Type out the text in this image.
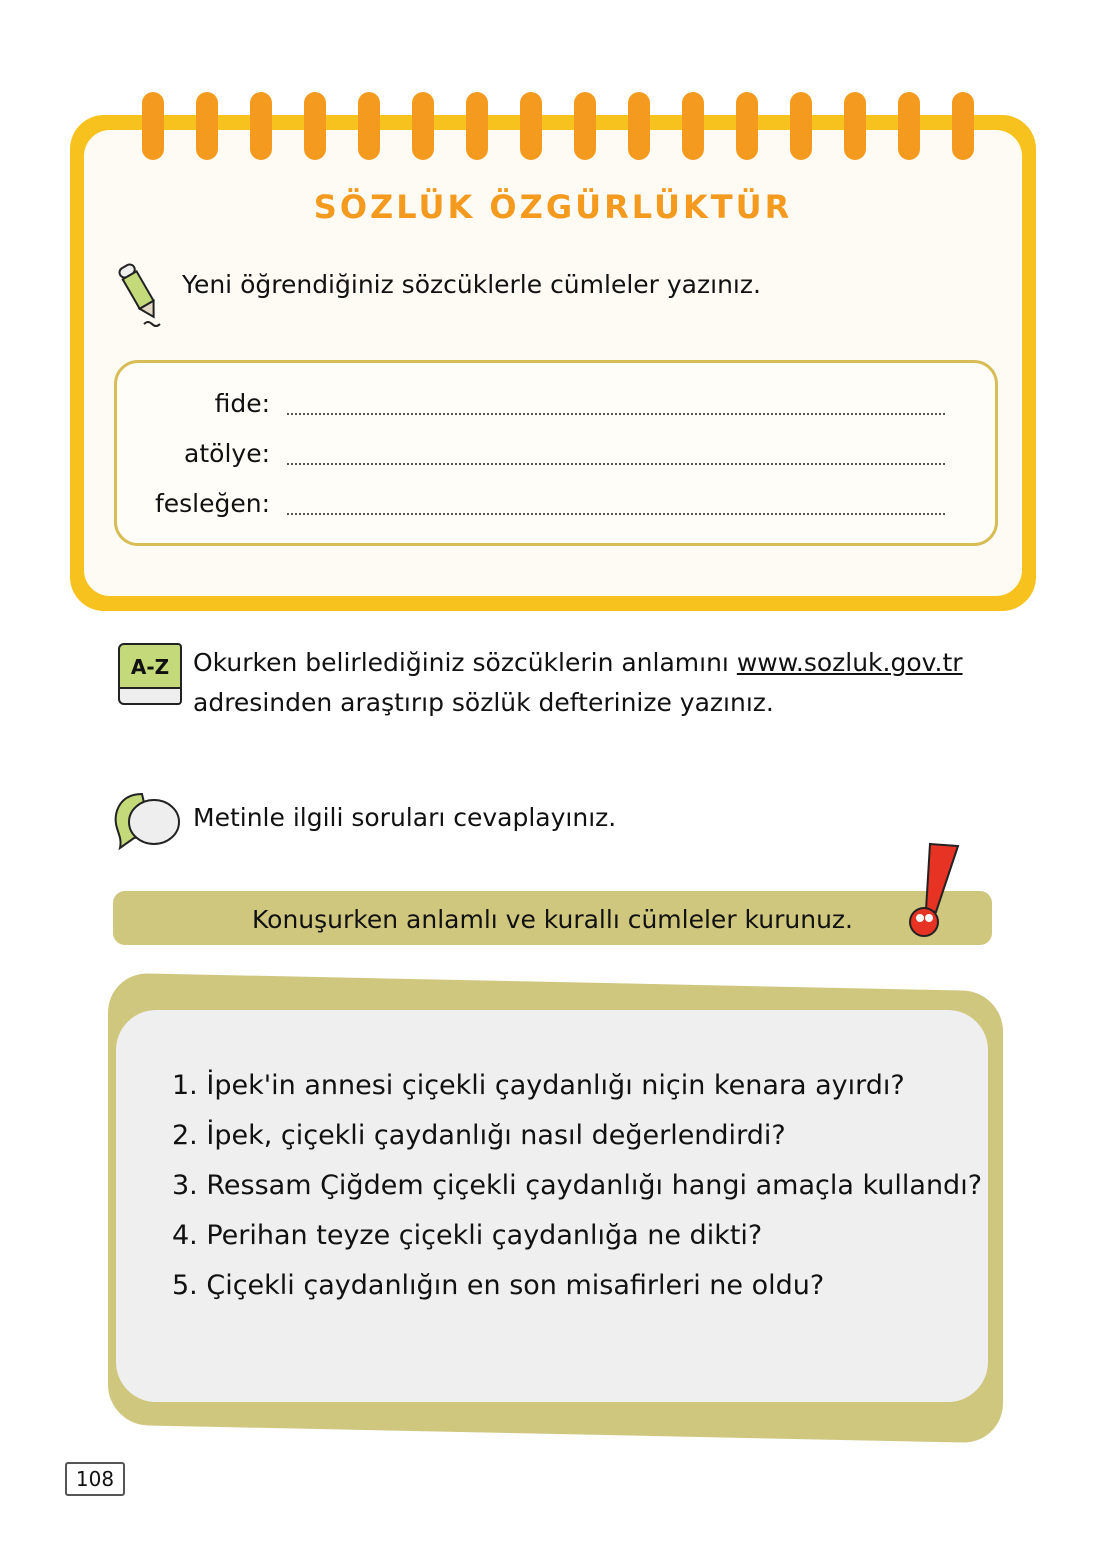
SÖZLÜK ÖZGÜRLÜKTÜR
Yeni öğrendiğiniz sözcüklerle cümleler yazınız.
fide:
atölye:
fesleğen:
A-Z Okurken belirlediğiniz sözcüklerin anlamını www.sozluk.gov.tr
adresinden araştırıp sözlük defterinize yazınız.
Metinle ilgili soruları cevaplayınız.
Konuşurken anlamlı ve kurallı cümleler kurunuz.
1. İpek'in annesi çiçekli çaydanlığı niçin kenara ayırdı?
2. İpek, çiçekli çaydanlığı nasıl değerlendirdi?
3. Ressam Çiğdem çiçekli çaydanlığı hangi amaçla kullandı?
4. Perihan teyze çiçekli çaydanlığa ne dikti?
5. Çiçekli çaydanlığın en son misafirleri ne oldu?
108
